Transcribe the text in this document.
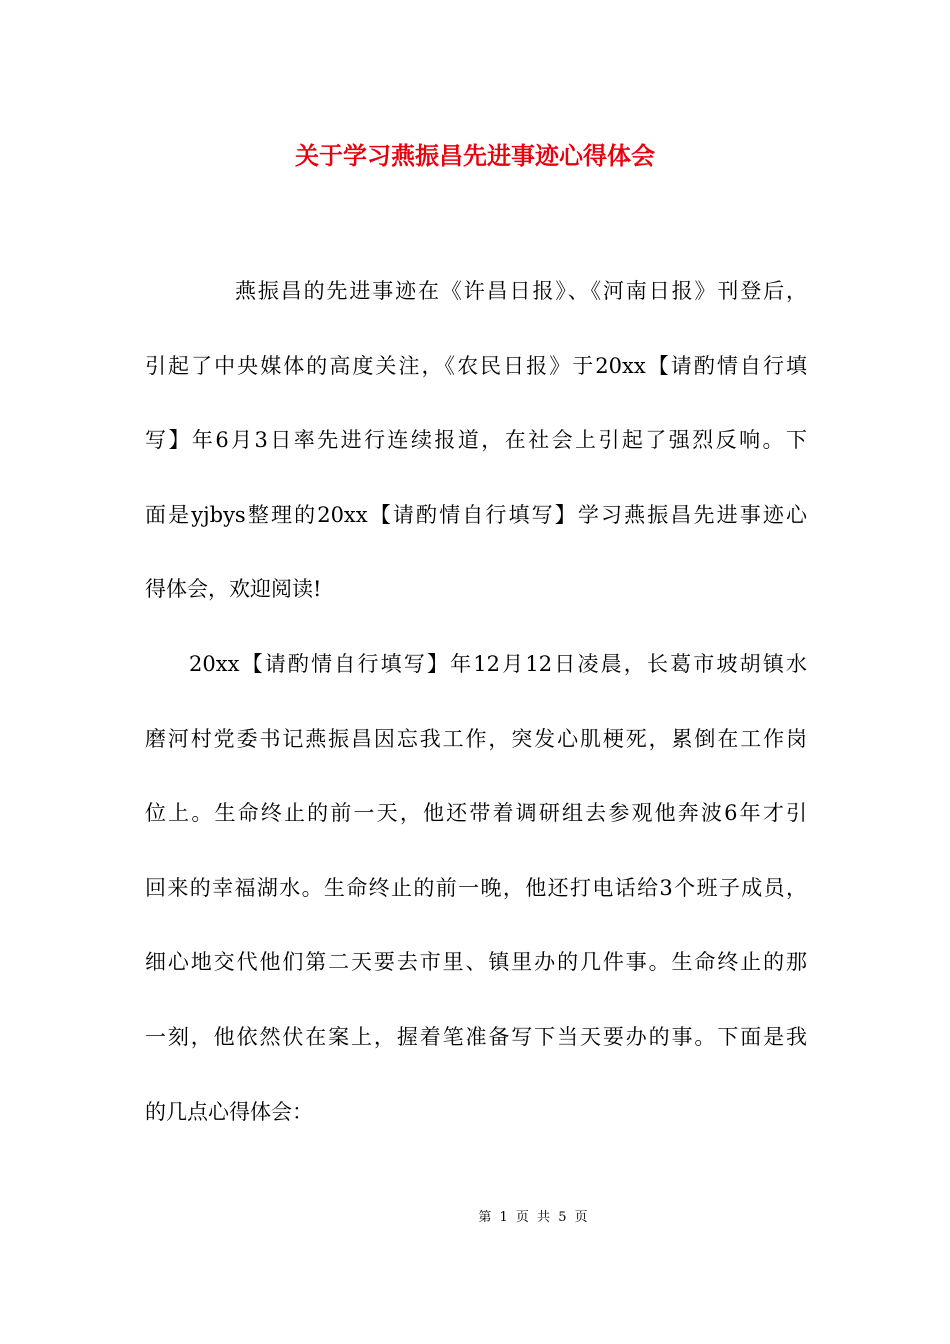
关于学习燕振昌先进事迹心得体会
燕振昌的先进事迹在《许昌日报》、《河南日报》刊登后，
引起了中央媒体的高度关注，《农民日报》于20xx【请酌情自行填
写】年6月3日率先进行连续报道，在社会上引起了强烈反响。下
面是yjbys整理的20xx【请酌情自行填写】学习燕振昌先进事迹心
得体会，欢迎阅读!
20xx【请酌情自行填写】年12月12日凌晨，长葛市坡胡镇水
磨河村党委书记燕振昌因忘我工作，突发心肌梗死，累倒在工作岗
位上。生命终止的前一天，他还带着调研组去参观他奔波6年才引
回来的幸福湖水。生命终止的前一晚，他还打电话给3个班子成员，
细心地交代他们第二天要去市里、镇里办的几件事。生命终止的那
一刻，他依然伏在案上，握着笔准备写下当天要办的事。下面是我
的几点心得体会：
第 1 页 共 5 页
